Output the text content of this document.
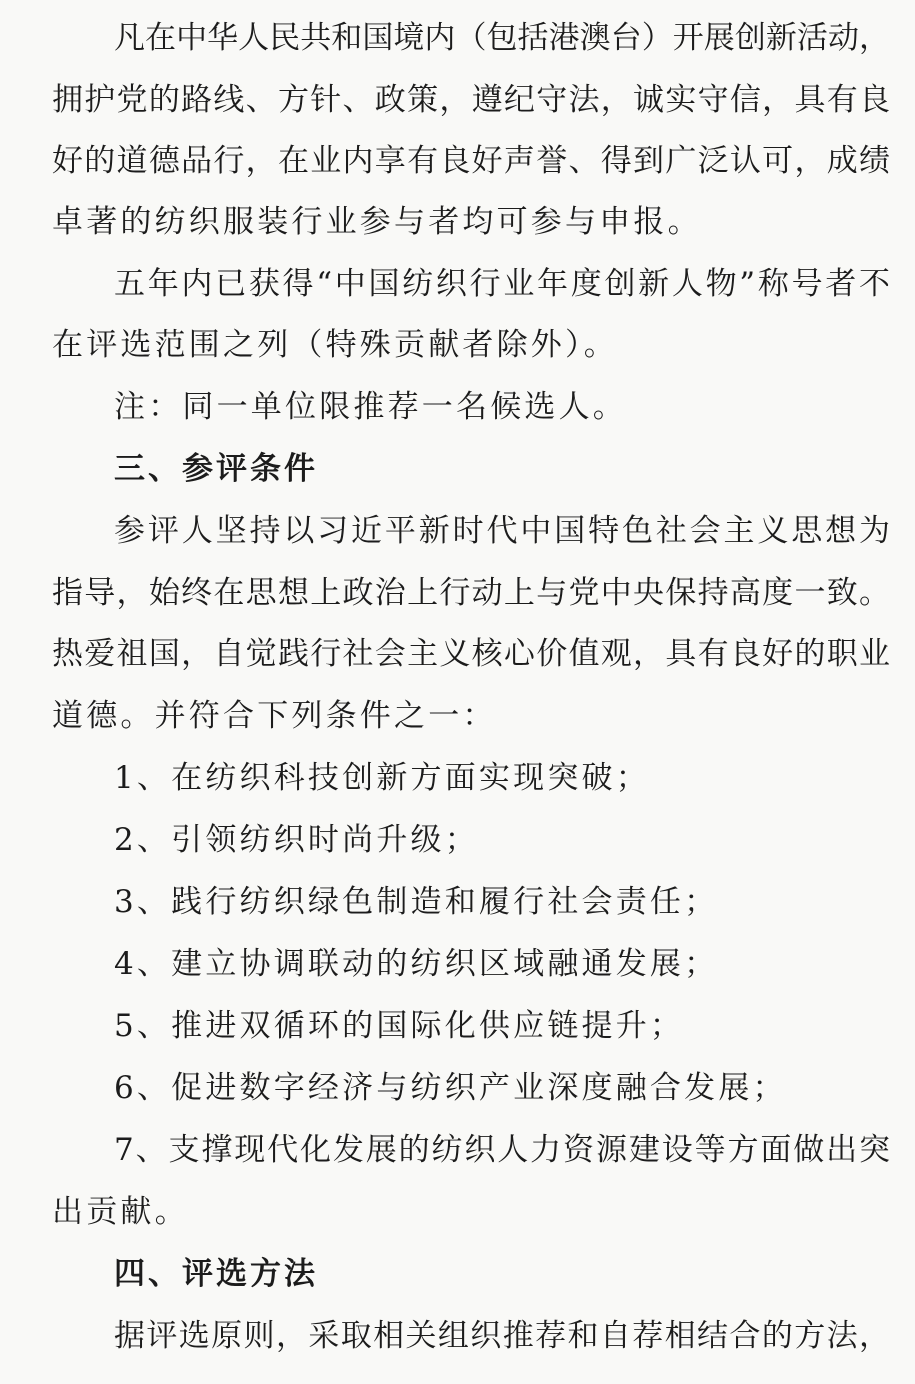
凡在中华人民共和国境内（包括港澳台）开展创新活动，
拥护党的路线、方针、政策，遵纪守法，诚实守信，具有良
好的道德品行，在业内享有良好声誉、得到广泛认可，成绩
卓著的纺织服装行业参与者均可参与申报。
五年内已获得“中国纺织行业年度创新人物”称号者不
在评选范围之列（特殊贡献者除外）。
注：同一单位限推荐一名候选人。
三、参评条件
参评人坚持以习近平新时代中国特色社会主义思想为
指导，始终在思想上政治上行动上与党中央保持高度一致。
热爱祖国，自觉践行社会主义核心价值观，具有良好的职业
道德。并符合下列条件之一：
1、在纺织科技创新方面实现突破；
2、引领纺织时尚升级；
3、践行纺织绿色制造和履行社会责任；
4、建立协调联动的纺织区域融通发展；
5、推进双循环的国际化供应链提升；
6、促进数字经济与纺织产业深度融合发展；
7、支撑现代化发展的纺织人力资源建设等方面做出突
出贡献。
四、评选方法
据评选原则，采取相关组织推荐和自荐相结合的方法，
